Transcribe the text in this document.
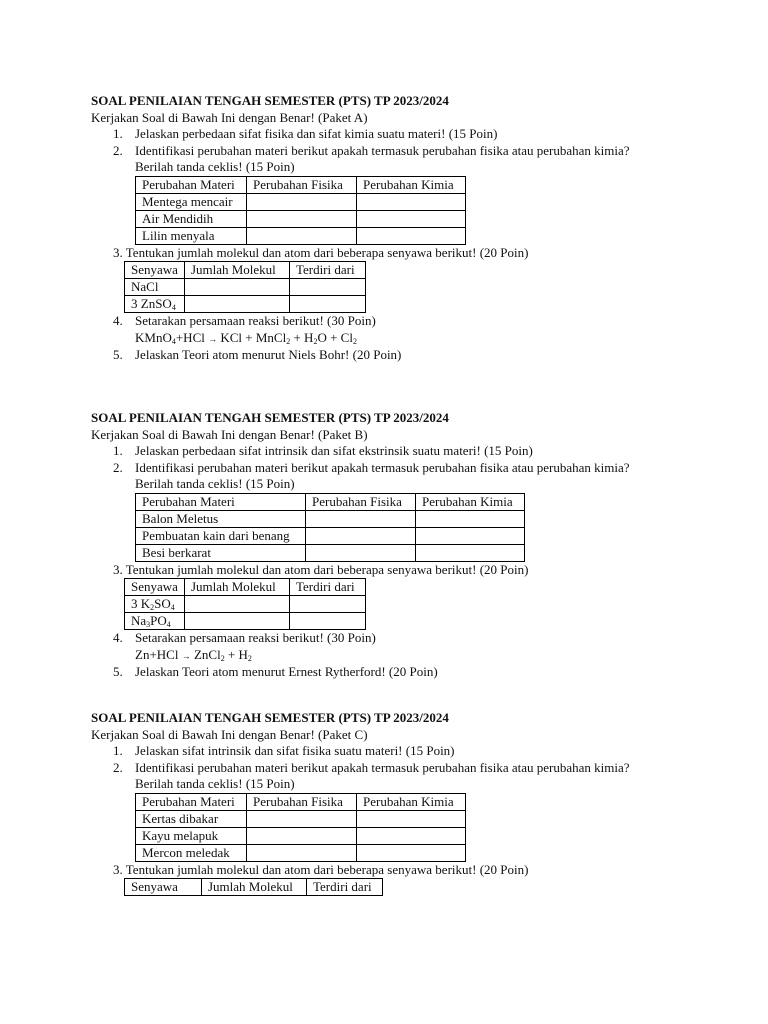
SOAL PENILAIAN TENGAH SEMESTER (PTS) TP 2023/2024
Kerjakan Soal di Bawah Ini dengan Benar! (Paket A)
1. Jelaskan perbedaan sifat fisika dan sifat kimia suatu materi! (15 Poin)
2. Identifikasi perubahan materi berikut apakah termasuk perubahan fisika atau perubahan kimia?
Berilah tanda ceklis! (15 Poin)
Perubahan Materi	Perubahan Fisika	Perubahan Kimia
Mentega mencair		
Air Mendidih		
Lilin menyala		
3. Tentukan jumlah molekul dan atom dari beberapa senyawa berikut! (20 Poin)
Senyawa	Jumlah Molekul	Terdiri dari
NaCl		
3 ZnSO$_4$		
4. Setarakan persamaan reaksi berikut! (30 Poin)
KMnO$_4$+HCl → KCl + MnCl$_2$ + $H_2O + Cl_2$
5. Jelaskan Teori atom menurut Niels Bohr! (20 Poin)
SOAL PENILAIAN TENGAH SEMESTER (PTS) TP 2023/2024
Kerjakan Soal di Bawah Ini dengan Benar! (Paket B)
1. Jelaskan perbedaan sifat intrinsik dan sifat ekstrinsik suatu materi! (15 Poin)
2. Identifikasi perubahan materi berikut apakah termasuk perubahan fisika atau perubahan kimia?
Berilah tanda ceklis! (15 Poin)
Perubahan Materi	Perubahan Fisika	Perubahan Kimia
Balon Meletus		
Pembuatan kain dari benang		
Besi berkarat		
3. Tentukan jumlah molekul dan atom dari beberapa senyawa berikut! (20 Poin)
Senyawa	Jumlah Molekul	Terdiri dari
3 $K_2SO_4$		
$Na_3PO_4$		
4. Setarakan persamaan reaksi berikut! (30 Poin)
Zn+HCl → ZnCl$_2$ + $H_2$
5. Jelaskan Teori atom menurut Ernest Rytherford! (20 Poin)
SOAL PENILAIAN TENGAH SEMESTER (PTS) TP 2023/2024
Kerjakan Soal di Bawah Ini dengan Benar! (Paket C)
1. Jelaskan sifat intrinsik dan sifat fisika suatu materi! (15 Poin)
2. Identifikasi perubahan materi berikut apakah termasuk perubahan fisika atau perubahan kimia?
Berilah tanda ceklis! (15 Poin)
Perubahan Materi	Perubahan Fisika	Perubahan Kimia
Kertas dibakar		
Kayu melapuk		
Mercon meledak		
3. Tentukan jumlah molekul dan atom dari beberapa senyawa berikut! (20 Poin)
Senyawa	Jumlah Molekul	Terdiri dari
